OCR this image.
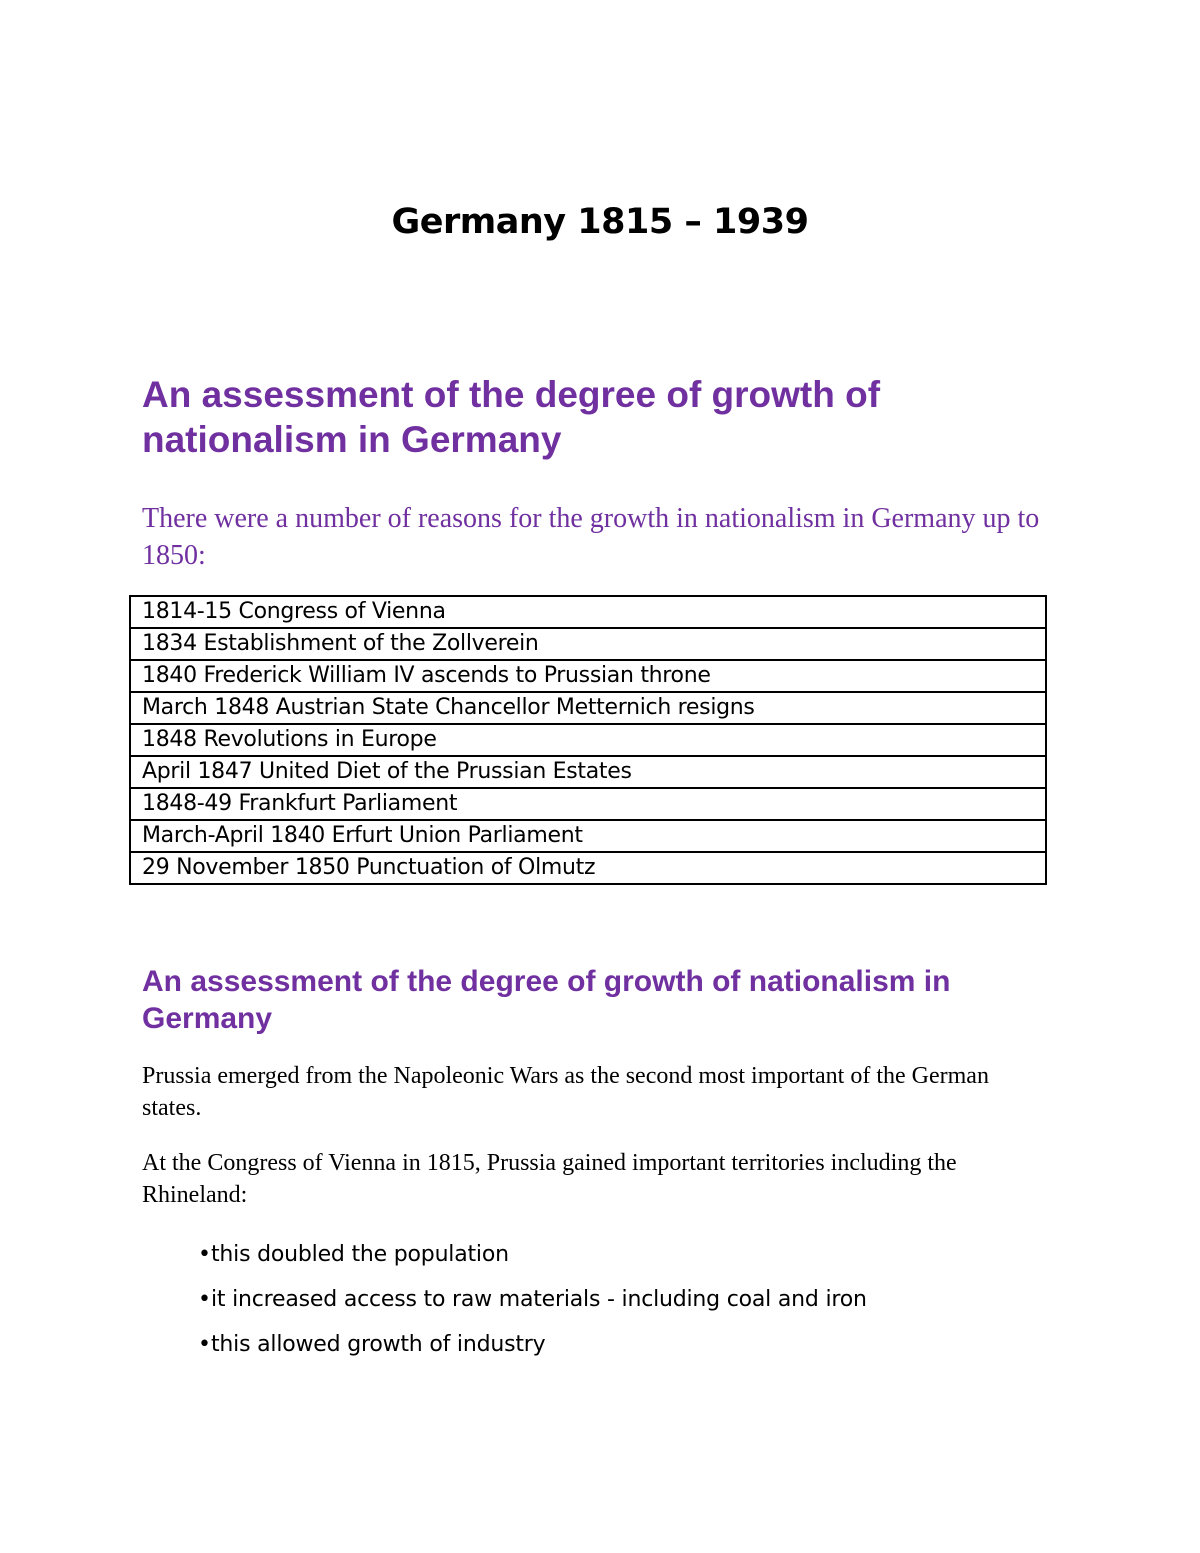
Germany 1815 – 1939
An assessment of the degree of growth of nationalism in Germany

There were a number of reasons for the growth in nationalism in Germany up to 1850:

1814-15 Congress of Vienna
1834 Establishment of the Zollverein
1840 Frederick William IV ascends to Prussian throne
March 1848 Austrian State Chancellor Metternich resigns
1848 Revolutions in Europe
April 1847 United Diet of the Prussian Estates
1848-49 Frankfurt Parliament
March-April 1840 Erfurt Union Parliament
29 November 1850 Punctuation of Olmutz
An assessment of the degree of growth of nationalism in Germany

Prussia emerged from the Napoleonic Wars as the second most important of the German states.

At the Congress of Vienna in 1815, Prussia gained important territories including the Rhineland:

•this doubled the population
•it increased access to raw materials - including coal and iron
•this allowed growth of industry
